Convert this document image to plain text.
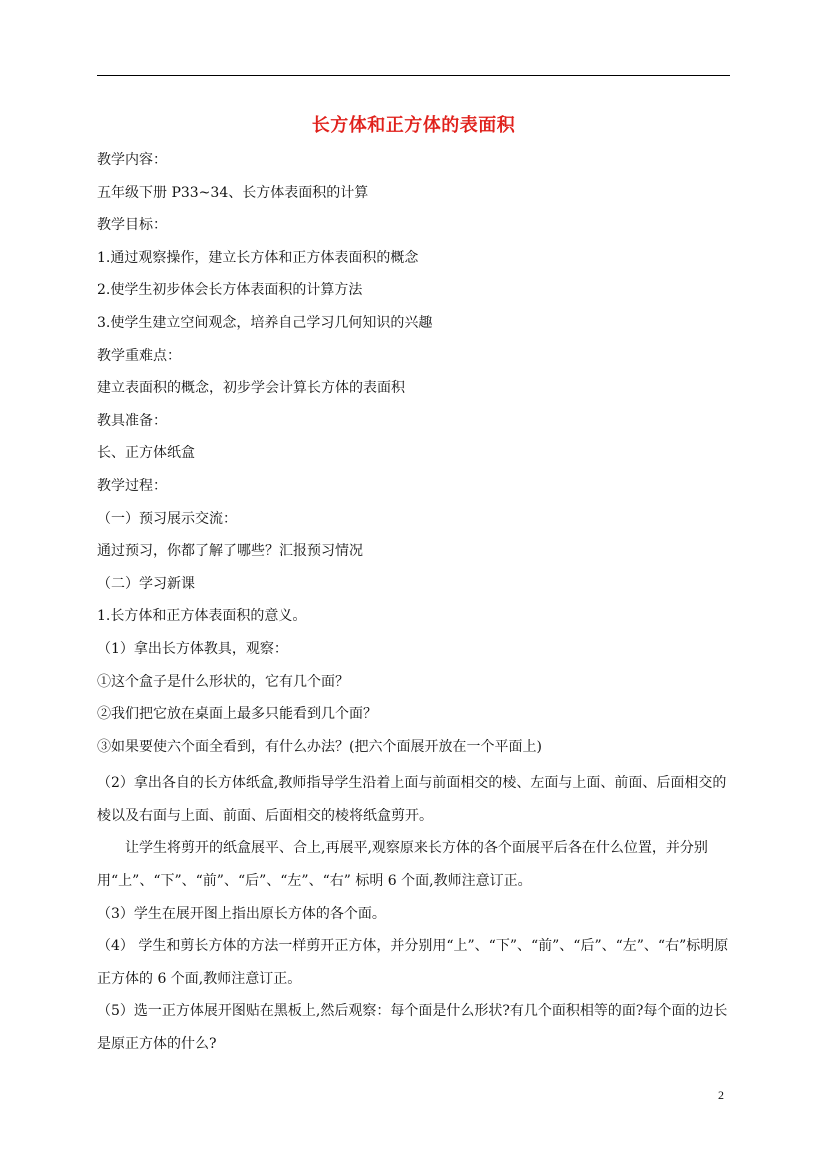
长方体和正方体的表面积
教学内容：
五年级下册 P33~34、长方体表面积的计算
教学目标：
1.通过观察操作，建立长方体和正方体表面积的概念
2.使学生初步体会长方体表面积的计算方法
3.使学生建立空间观念，培养自己学习几何知识的兴趣
教学重难点：
建立表面积的概念，初步学会计算长方体的表面积
教具准备：
长、正方体纸盒
教学过程：
（一）预习展示交流：
通过预习，你都了解了哪些？汇报预习情况
（二）学习新课
1.长方体和正方体表面积的意义。
（1）拿出长方体教具，观察：
①这个盒子是什么形状的，它有几个面？
②我们把它放在桌面上最多只能看到几个面？
③如果要使六个面全看到，有什么办法？(把六个面展开放在一个平面上)
（2）拿出各自的长方体纸盒,教师指导学生沿着上面与前面相交的棱、左面与上面、前面、后面相交的棱以及右面与上面、前面、后面相交的棱将纸盒剪开。
让学生将剪开的纸盒展平、合上,再展平,观察原来长方体的各个面展平后各在什么位置，并分别用“上”、“下”、“前”、“后”、“左”、“右” 标明 6 个面,教师注意订正。
（3）学生在展开图上指出原长方体的各个面。
（4） 学生和剪长方体的方法一样剪开正方体，并分别用“上”、“下”、“前”、“后”、“左”、“右”标明原正方体的 6 个面,教师注意订正。
（5）选一正方体展开图贴在黑板上,然后观察：每个面是什么形状?有几个面积相等的面?每个面的边长是原正方体的什么?
2
